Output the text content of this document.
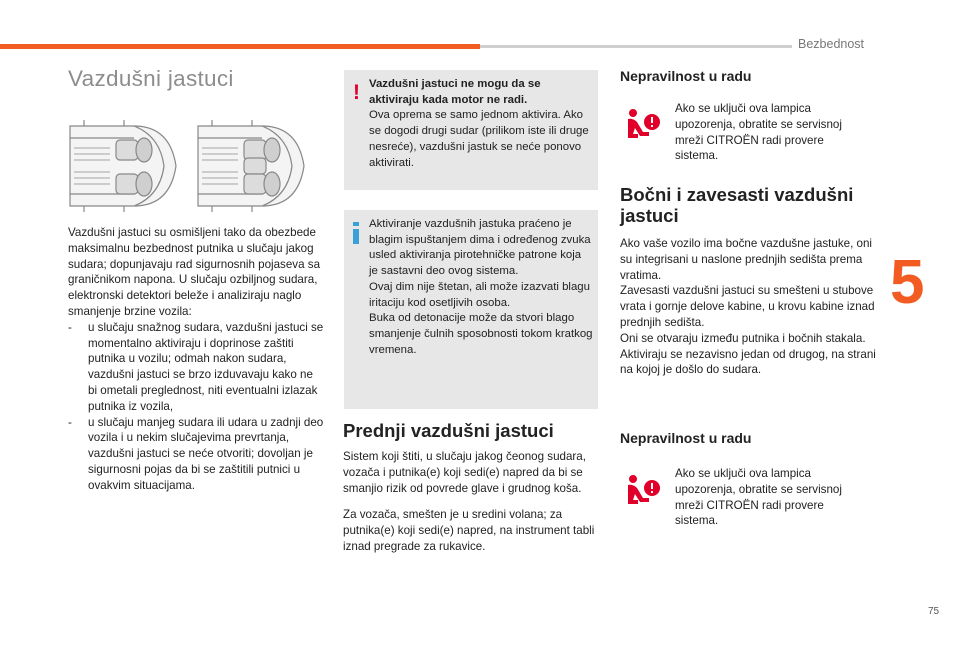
Bezbednost
5
75
Vazdušni jastuci

Vazdušni jastuci su osmišljeni tako da obezbede maksimalnu bezbednost putnika u slučaju jakog sudara; dopunjavaju rad sigurnosnih pojaseva sa graničnikom napona. U slučaju ozbiljnog sudara, elektronski detektori beleže i analiziraju naglo smanjenje brzine vozila:

- u slučaju snažnog sudara, vazdušni jastuci se momentalno aktiviraju i doprinose zaštiti putnika u vozilu; odmah nakon sudara, vazdušni jastuci se brzo izduvavaju kako ne bi ometali preglednost, niti eventualni izlazak putnika iz vozila,
- u slučaju manjeg sudara ili udara u zadnji deo vozila i u nekim slučajevima prevrtanja, vazdušni jastuci se neće otvoriti; dovoljan je sigurnosni pojas da bi se zaštitili putnici u ovakvim situacijama.
! Vazdušni jastuci ne mogu da se

aktiviraju kada motor ne radi.

Ova oprema se samo jednom aktivira. Ako se dogodi drugi sudar (prilikom iste ili druge nesreće), vazdušni jastuk se neće ponovo aktivirati.

Aktiviranje vazdušnih jastuka praćeno je blagim ispuštanjem dima i određenog zvuka usled aktiviranja pirotehničke patrone koja je sastavni deo ovog sistema.

Ovaj dim nije štetan, ali može izazvati blagu iritaciju kod osetljivih osoba.

Buka od detonacije može da stvori blago smanjenje čulnih sposobnosti tokom kratkog vremena.

Prednji vazdušni jastuci

Sistem koji štiti, u slučaju jakog čeonog sudara, vozača i putnika(e) koji sedi(e) napred da bi se smanjio rizik od povrede glave i grudnog koša.

Za vozača, smešten je u sredini volana; za putnika(e) koji sedi(e) napred, na instrument tabli iznad pregrade za rukavice.

Nepravilnost u radu
Ako se uključi ova lampica upozorenja, obratite se servisnoj mreži CITROËN radi provere sistema.
Bočni i zavesasti vazdušni
jastuci

Ako vaše vozilo ima bočne vazdušne jastuke, oni su integrisani u naslone prednjih sedišta prema vratima.

Zavesasti vazdušni jastuci su smešteni u stubove vrata i gornje delove kabine, u krovu kabine iznad prednjih sedišta.

Oni se otvaraju između putnika i bočnih stakala.

Aktiviraju se nezavisno jedan od drugog, na strani na kojoj je došlo do sudara.

Nepravilnost u radu
Ako se uključi ova lampica upozorenja, obratite se servisnoj mreži CITROËN radi provere sistema.
